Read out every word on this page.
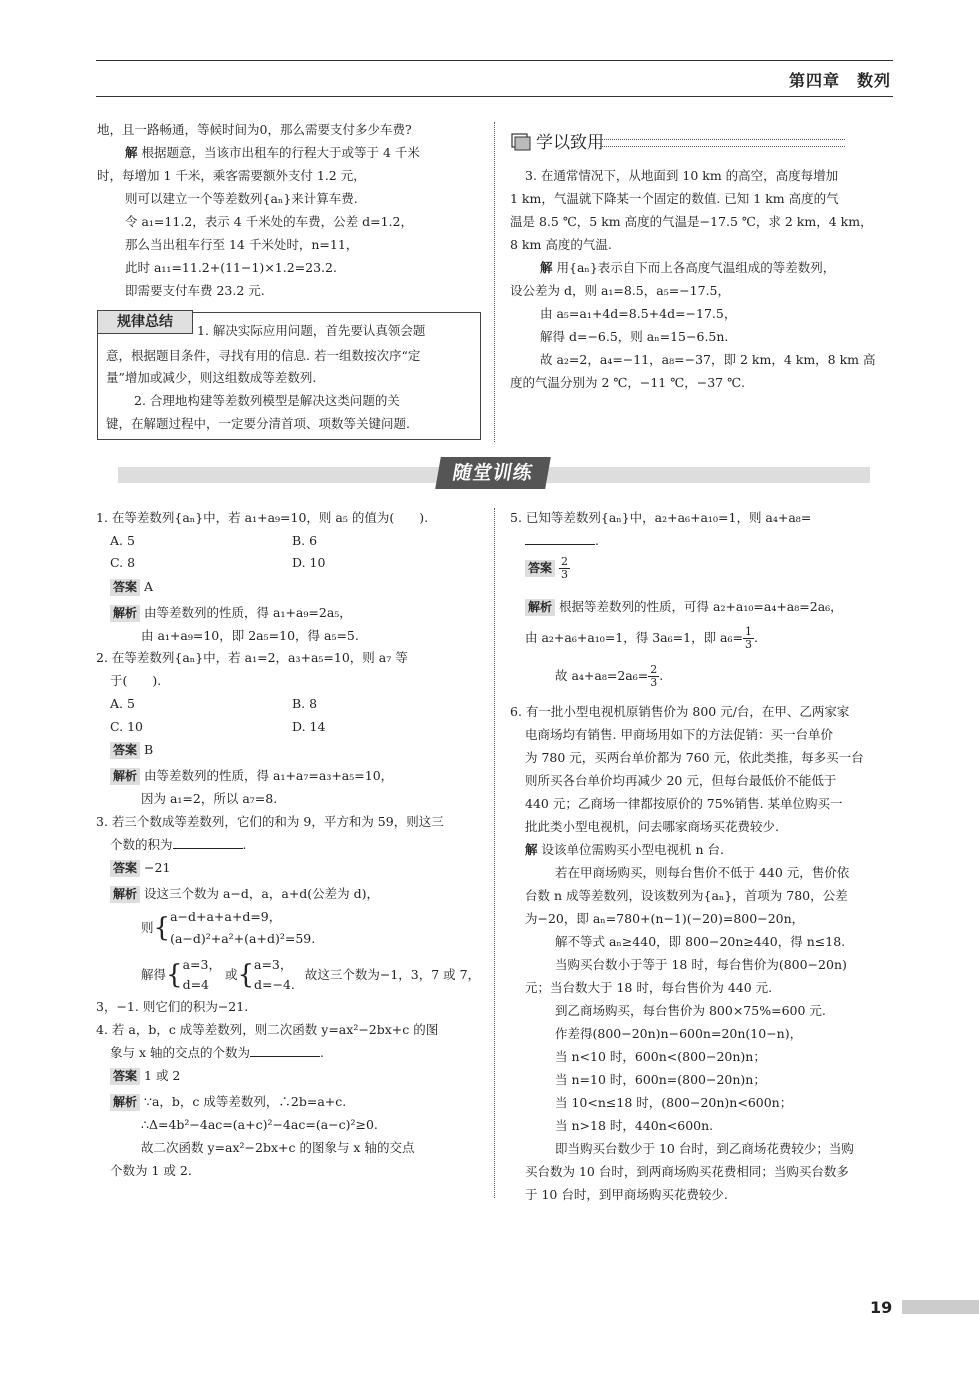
第四章　数列
地，且一路畅通，等候时间为0，那么需要支付多少车费?
解 根据题意，当该市出租车的行程大于或等于 4 千米
时，每增加 1 千米，乘客需要额外支付 1.2 元，
则可以建立一个等差数列{aₙ}来计算车费.
令 a₁=11.2，表示 4 千米处的车费，公差 d=1.2，
那么当出租车行至 14 千米处时，n=11，
此时 a₁₁=11.2+(11−1)×1.2=23.2.
即需要支付车费 23.2 元.
规律总结
1. 解决实际应用问题，首先要认真领会题
意，根据题目条件，寻找有用的信息. 若一组数按次序“定
量”增加或减少，则这组数成等差数列.
2. 合理地构建等差数列模型是解决这类问题的关
键，在解题过程中，一定要分清首项、项数等关键问题.
学以致用
3. 在通常情况下，从地面到 10 km 的高空，高度每增加
1 km，气温就下降某一个固定的数值. 已知 1 km 高度的气
温是 8.5 ℃，5 km 高度的气温是−17.5 ℃，求 2 km，4 km，
8 km 高度的气温.
解 用{aₙ}表示自下而上各高度气温组成的等差数列，
设公差为 d，则 a₁=8.5，a₅=−17.5，
由 a₅=a₁+4d=8.5+4d=−17.5，
解得 d=−6.5，则 aₙ=15−6.5n.
故 a₂=2，a₄=−11，a₈=−37，即 2 km，4 km，8 km 高
度的气温分别为 2 ℃，−11 ℃，−37 ℃.
随堂训练
1. 在等差数列{aₙ}中，若 a₁+a₉=10，则 a₅ 的值为(　　).
A. 5	B. 6
C. 8	D. 10
答案 A
解析 由等差数列的性质，得 a₁+a₉=2a₅，
由 a₁+a₉=10，即 2a₅=10，得 a₅=5.
2. 在等差数列{aₙ}中，若 a₁=2，a₃+a₅=10，则 a₇ 等
于(　　).
A. 5	B. 8
C. 10	D. 14
答案 B
解析 由等差数列的性质，得 a₁+a₇=a₃+a₅=10，
因为 a₁=2，所以 a₇=8.
3. 若三个数成等差数列，它们的和为 9，平方和为 59，则这三
个数的积为	.
答案 −21
解析 设这三个数为 a−d，a，a+d(公差为 d)，
则{ a−d+a+a+d=9，
(a−d)²+a²+(a+d)²=59.
解得{ a=3，
d=4
或{ a=3，
d=−4.
故这三个数为−1，3，7 或 7，
3，−1. 则它们的积为−21.
4. 若 a，b，c 成等差数列，则二次函数 y=ax²−2bx+c 的图
象与 x 轴的交点的个数为	.
答案 1 或 2
解析 ∵a，b，c 成等差数列，∴2b=a+c.
∴Δ=4b²−4ac=(a+c)²−4ac=(a−c)²≥0.
故二次函数 y=ax²−2bx+c 的图象与 x 轴的交点
个数为 1 或 2.
5. 已知等差数列{aₙ}中，a₂+a₆+a₁₀=1，则 a₄+a₈=
.
答案 $\frac{2}{3}$
解析 根据等差数列的性质，可得 a₂+a₁₀=a₄+a₈=2a₆，
由 a₂+a₆+a₁₀=1，得 3a₆=1，即 $a_6= \frac{1}{3}$ .
故 $a_4+a_8=2a_6= \frac{2}{3}$ .
6. 有一批小型电视机原销售价为 800 元/台，在甲、乙两家家
电商场均有销售. 甲商场用如下的方法促销：买一台单价
为 780 元，买两台单价都为 760 元，依此类推，每多买一台
则所买各台单价均再减少 20 元，但每台最低价不能低于
440 元；乙商场一律都按原价的 75%销售. 某单位购买一
批此类小型电视机，问去哪家商场买花费较少.
解 设该单位需购买小型电视机 n 台.
若在甲商场购买，则每台售价不低于 440 元，售价依
台数 n 成等差数列，设该数列为{aₙ}，首项为 780，公差
为−20，即 aₙ=780+(n−1)(−20)=800−20n，
解不等式 aₙ≥440，即 800−20n≥440，得 n≤18.
当购买台数小于等于 18 时，每台售价为(800−20n)
元；当台数大于 18 时，每台售价为 440 元.
到乙商场购买，每台售价为 800×75%=600 元.
作差得(800−20n)n−600n=20n(10−n)，
当 n<10 时，600n<(800−20n)n；
当 n=10 时，600n=(800−20n)n；
当 10<n≤18 时，(800−20n)n<600n；
当 n>18 时，440n<600n.
即当购买台数少于 10 台时，到乙商场花费较少；当购
买台数为 10 台时，到两商场购买花费相同；当购买台数多
于 10 台时，到甲商场购买花费较少.
19
